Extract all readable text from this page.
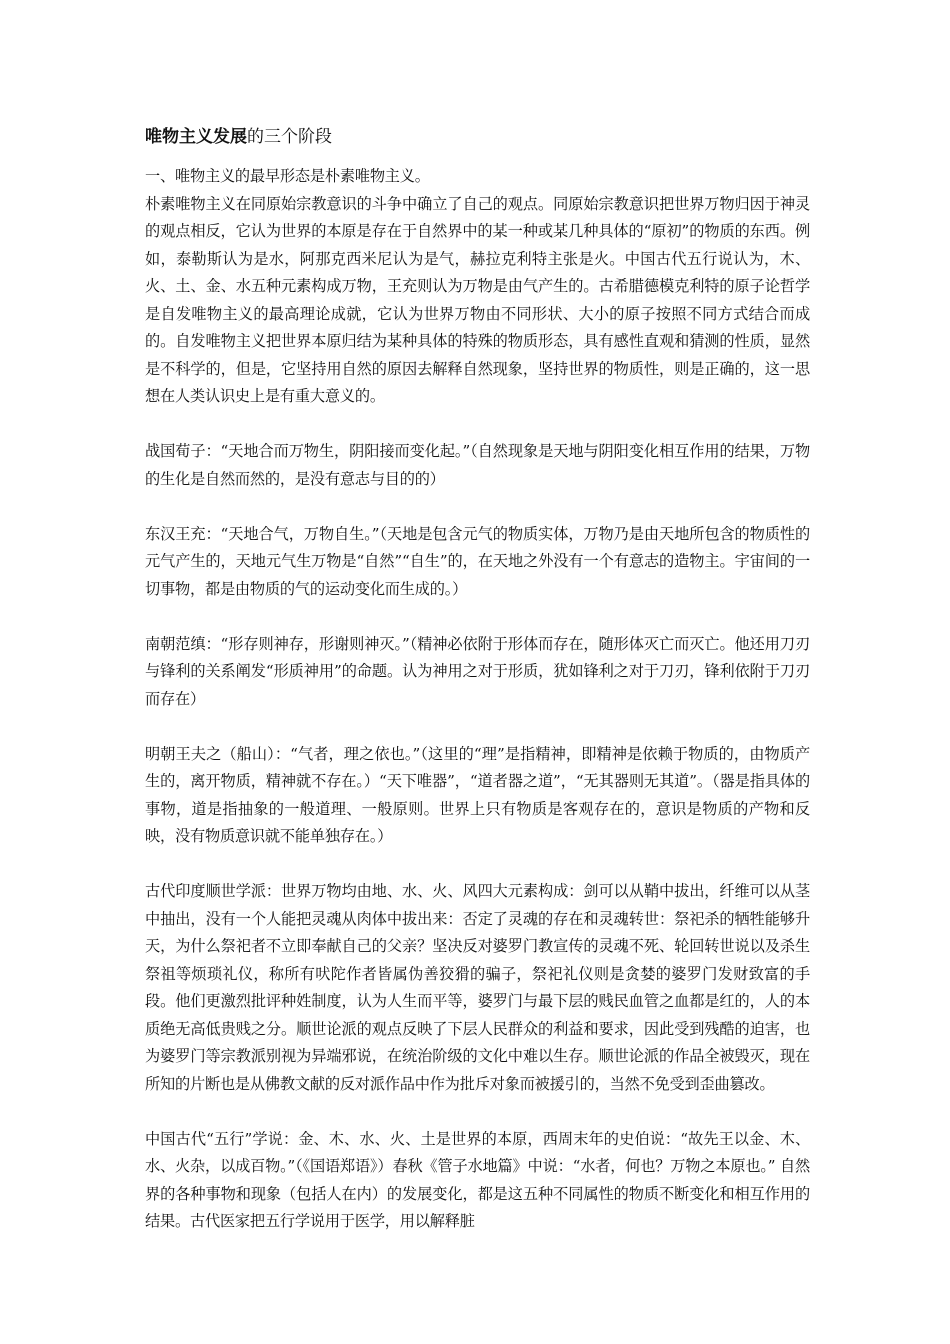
唯物主义发展的三个阶段

一、唯物主义的最早形态是朴素唯物主义。

朴素唯物主义在同原始宗教意识的斗争中确立了自己的观点。同原始宗教意识把世界万物归因于神灵的观点相反，它认为世界的本原是存在于自然界中的某一种或某几种具体的“原初”的物质的东西。例如，泰勒斯认为是水，阿那克西米尼认为是气，赫拉克利特主张是火。中国古代五行说认为，木、火、土、金、水五种元素构成万物，王充则认为万物是由气产生的。古希腊德模克利特的原子论哲学是自发唯物主义的最高理论成就，它认为世界万物由不同形状、大小的原子按照不同方式结合而成的。自发唯物主义把世界本原归结为某种具体的特殊的物质形态，具有感性直观和猜测的性质，显然是不科学的，但是，它坚持用自然的原因去解释自然现象，坚持世界的物质性，则是正确的，这一思想在人类认识史上是有重大意义的。

战国荀子：“天地合而万物生，阴阳接而变化起。”（自然现象是天地与阴阳变化相互作用的结果，万物的生化是自然而然的，是没有意志与目的的）

东汉王充：“天地合气，万物自生。”（天地是包含元气的物质实体，万物乃是由天地所包含的物质性的元气产生的，天地元气生万物是“自然”“自生”的，在天地之外没有一个有意志的造物主。宇宙间的一切事物，都是由物质的气的运动变化而生成的。）

南朝范缜：“形存则神存，形谢则神灭。”（精神必依附于形体而存在，随形体灭亡而灭亡。他还用刀刃与锋利的关系阐发“形质神用”的命题。认为神用之对于形质，犹如锋利之对于刀刃，锋利依附于刀刃而存在）

明朝王夫之（船山）：“气者，理之依也。”（这里的“理”是指精神，即精神是依赖于物质的，由物质产生的，离开物质，精神就不存在。）“天下唯器”，“道者器之道”，“无其器则无其道”。（器是指具体的事物，道是指抽象的一般道理、一般原则。世界上只有物质是客观存在的，意识是物质的产物和反映，没有物质意识就不能单独存在。）

古代印度顺世学派：世界万物均由地、水、火、风四大元素构成：剑可以从鞘中拔出，纤维可以从茎中抽出，没有一个人能把灵魂从肉体中拔出来：否定了灵魂的存在和灵魂转世：祭祀杀的牺牲能够升天，为什么祭祀者不立即奉献自己的父亲？坚决反对婆罗门教宣传的灵魂不死、轮回转世说以及杀生祭祖等烦琐礼仪，称所有吠陀作者皆属伪善狡猾的骗子，祭祀礼仪则是贪婪的婆罗门发财致富的手段。他们更激烈批评种姓制度，认为人生而平等，婆罗门与最下层的贱民血管之血都是红的，人的本质绝无高低贵贱之分。顺世论派的观点反映了下层人民群众的利益和要求，因此受到残酷的迫害，也为婆罗门等宗教派别视为异端邪说，在统治阶级的文化中难以生存。顺世论派的作品全被毁灭，现在所知的片断也是从佛教文献的反对派作品中作为批斥对象而被援引的，当然不免受到歪曲篡改。

中国古代“五行”学说：金、木、水、火、土是世界的本原，西周末年的史伯说：“故先王以金、木、水、火杂，以成百物。”（《国语郑语》）春秋《管子水地篇》中说：“水者，何也？万物之本原也。” 自然界的各种事物和现象（包括人在内）的发展变化，都是这五种不同属性的物质不断变化和相互作用的结果。古代医家把五行学说用于医学，用以解释脏
